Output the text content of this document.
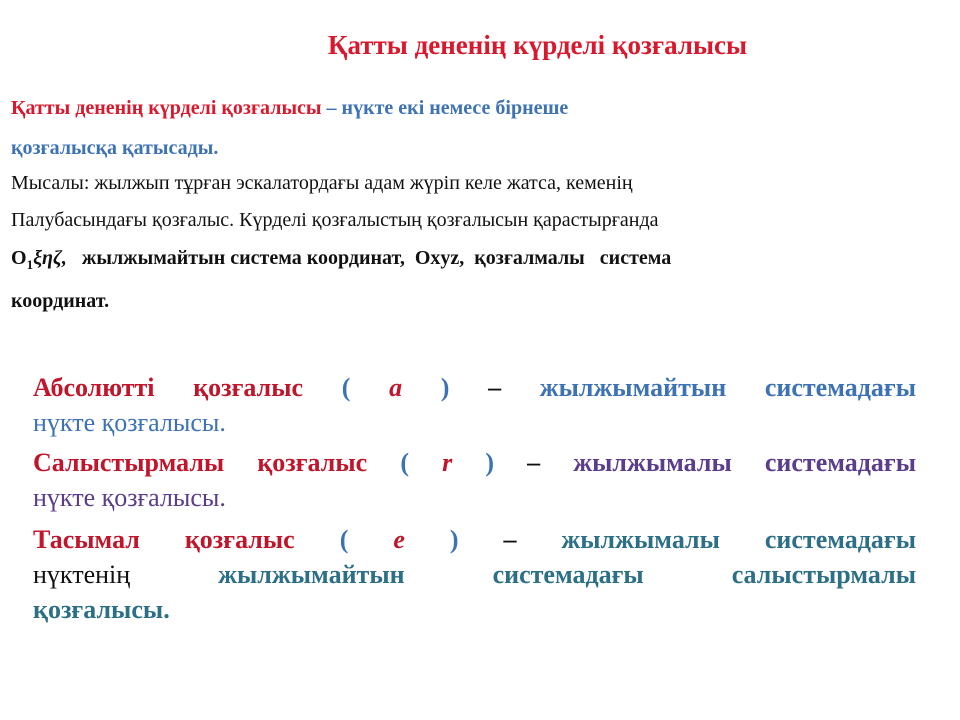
Қатты дененің күрделі қозғалысы
Қатты дененің күрделі қозғалысы – нүкте екі немесе бірнеше
қозғалысқа қатысады.
Мысалы: жылжып тұрған эскалатордағы адам жүріп келе жатса, кеменің
Палубасындағы қозғалыс. Күрделі қозғалыстың қозғалысын қарастырғанда
$O_1\xi\eta\zeta$,   жылжымайтын система координат,  Oxyz,  қозғалмалы   система
координат.
Абсолютті қозғалыс ( a ) – жылжымайтын системадағы
нүкте қозғалысы.
Салыстырмалы қозғалыс ( r ) – жылжымалы системадағы
нүкте қозғалысы.
Тасымал қозғалыс ( e ) – жылжымалы системадағы
нүктенің	жылжымайтын системадағы салыстырмалы
қозғалысы.
